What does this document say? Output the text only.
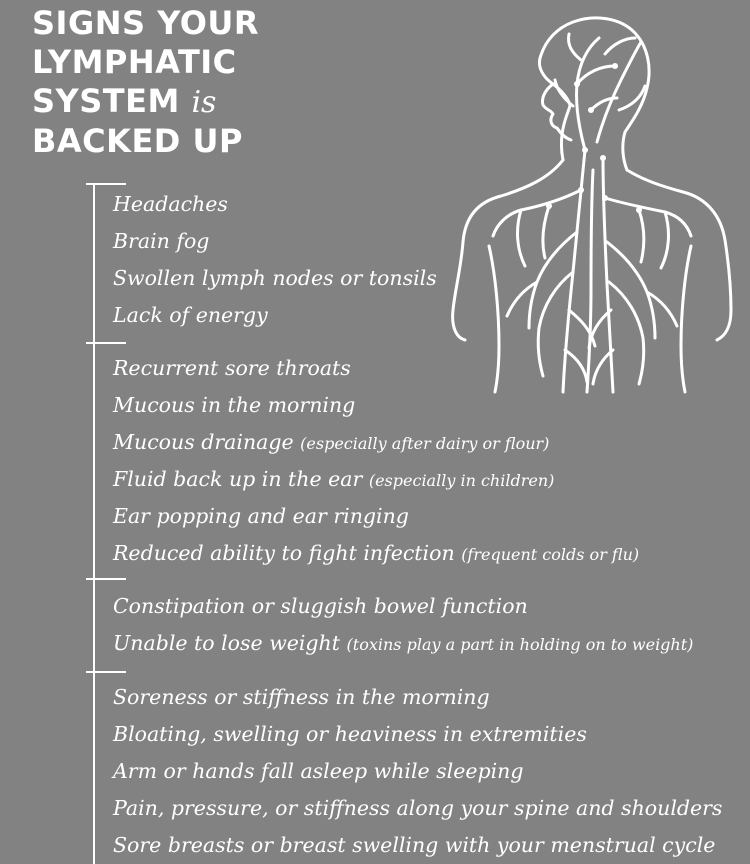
SIGNS YOUR
LYMPHATIC
SYSTEM is
BACKED UP
Headaches
Brain fog
Swollen lymph nodes or tonsils
Lack of energy
Recurrent sore throats
Mucous in the morning
Mucous drainage (especially after dairy or flour)
Fluid back up in the ear (especially in children)
Ear popping and ear ringing
Reduced ability to fight infection (frequent colds or flu)
Constipation or sluggish bowel function
Unable to lose weight (toxins play a part in holding on to weight)
Soreness or stiffness in the morning
Bloating, swelling or heaviness in extremities
Arm or hands fall asleep while sleeping
Pain, pressure, or stiffness along your spine and shoulders
Sore breasts or breast swelling with your menstrual cycle
